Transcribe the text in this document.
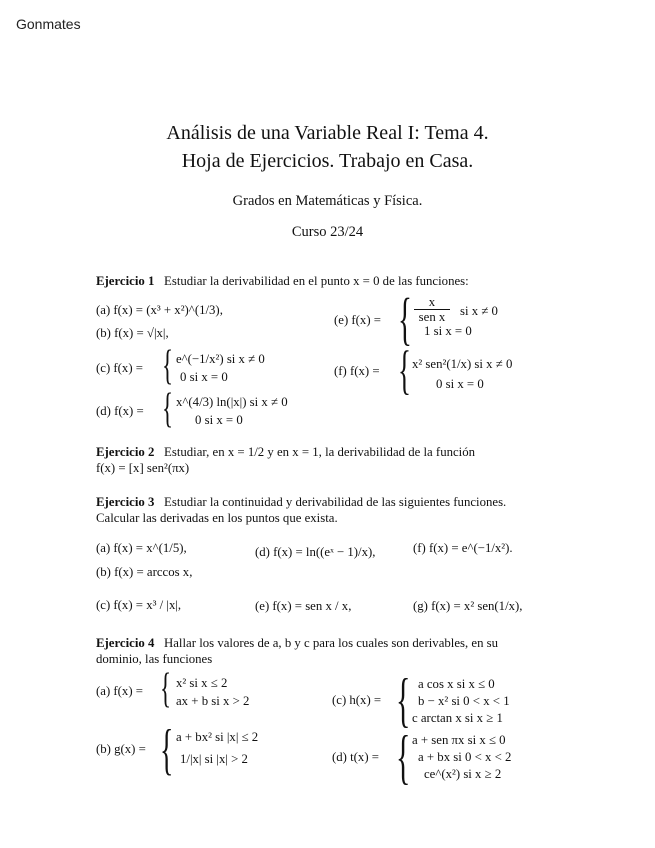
Gonmates
Análisis de una Variable Real I: Tema 4.
Hoja de Ejercicios. Trabajo en Casa.
Grados en Matemáticas y Física.
Curso 23/24
Ejercicio 1 Estudiar la derivabilidad en el punto x = 0 de las funciones:
(a) f(x) = (x³ + x²)^(1/3),
(b) f(x) = √|x|,
(c) f(x) = { e^(−1/x²) si x ≠ 0
0 si x = 0
(d) f(x) = { x^(4/3) ln(|x|) si x ≠ 0
0 si x = 0
(e) f(x) = {	x
sen x	si x ≠ 0
1 si x = 0
(f) f(x) = { x² sen²(1/x) si x ≠ 0
0 si x = 0
Ejercicio 2 Estudiar, en x = 1/2 y en x = 1, la derivabilidad de la función
f(x) = [x] sen²(πx)
Ejercicio 3 Estudiar la continuidad y derivabilidad de las siguientes funciones.
Calcular las derivadas en los puntos que exista.
(a) f(x) = x^(1/5),
(b) f(x) = arccos x,
(c) f(x) = x³ / |x|,
(d) f(x) = ln((eˣ − 1)/x),
(e) f(x) = sen x / x,
(f) f(x) = e^(−1/x²).
(g) f(x) = x² sen(1/x),
Ejercicio 4 Hallar los valores de a, b y c para los cuales son derivables, en su
dominio, las funciones
(a) f(x) = { x² si x ≤ 2
ax + b si x > 2
(b) g(x) = { a + bx² si |x| ≤ 2
1/|x| si |x| > 2
(c) h(x) = { a cos x si x ≤ 0
b − x² si 0 < x < 1
c arctan x si x ≥ 1
(d) t(x) = { a + sen πx si x ≤ 0
a + bx si 0 < x < 2
ce^(x²) si x ≥ 2
